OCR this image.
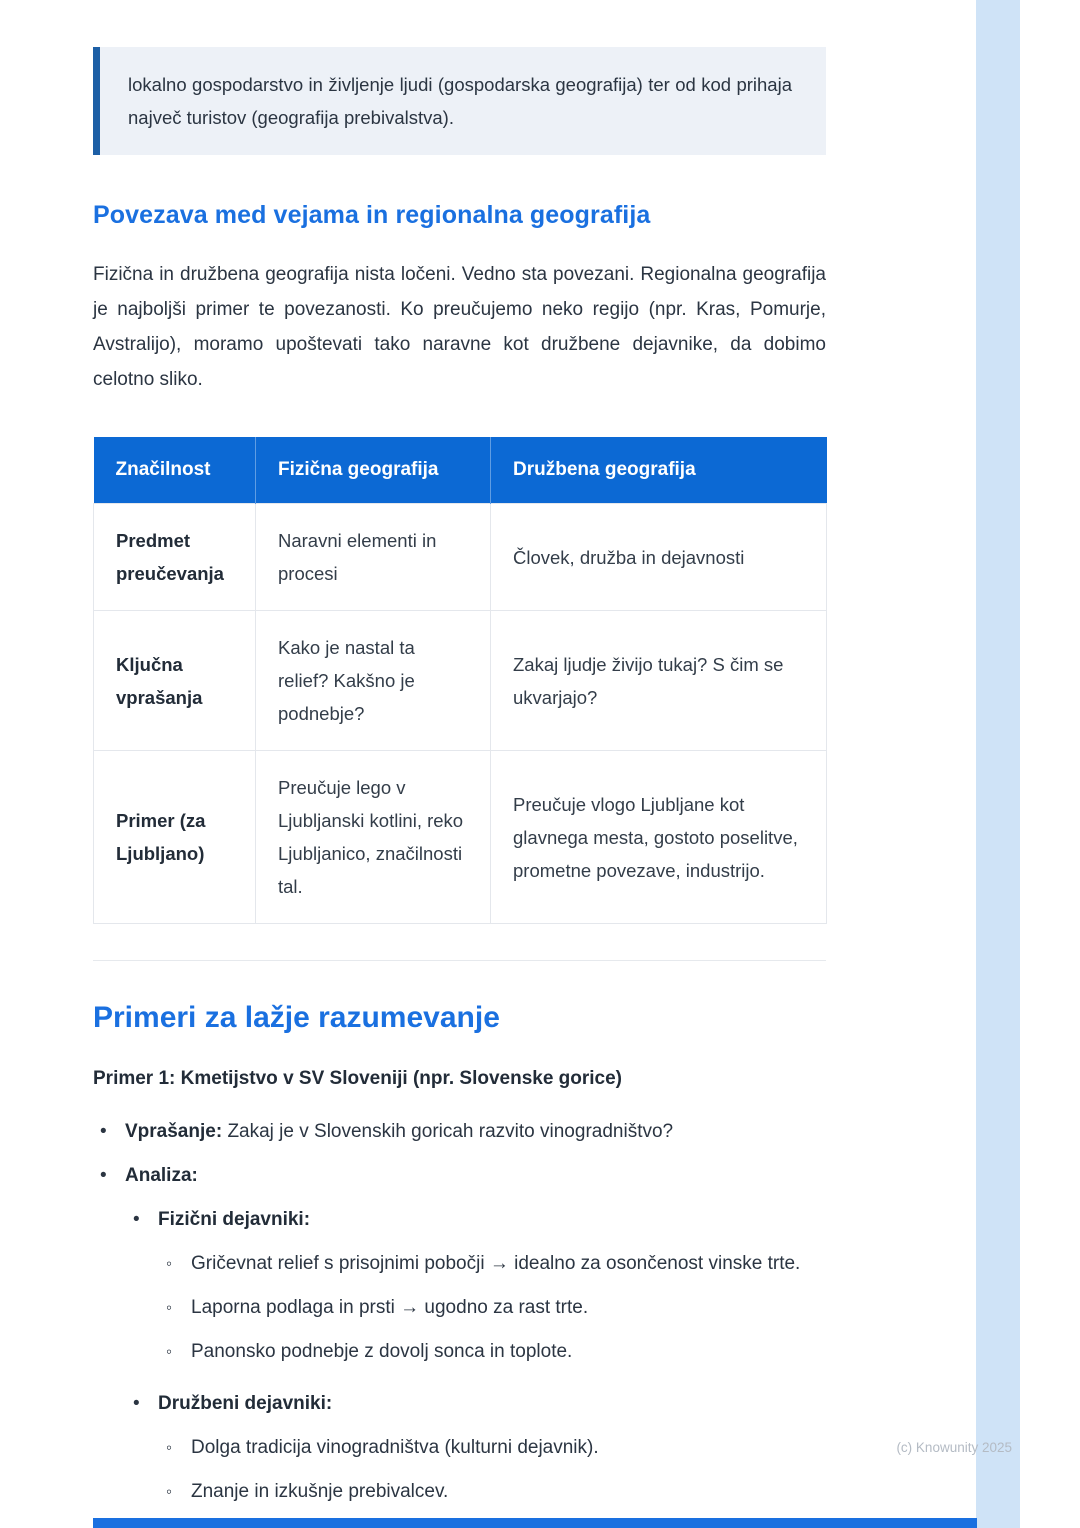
lokalno gospodarstvo in življenje ljudi (gospodarska geografija) ter od kod prihaja največ turistov (geografija prebivalstva).

Povezava med vejama in regionalna geografija

Fizična in družbena geografija nista ločeni. Vedno sta povezani. Regionalna geografija je najboljši primer te povezanosti. Ko preučujemo neko regijo (npr. Kras, Pomurje, Avstralijo), moramo upoštevati tako naravne kot družbene dejavnike, da dobimo celotno sliko.

Značilnost	Fizična geografija	Družbena geografija
Predmet preučevanja	Naravni elementi in procesi	Človek, družba in dejavnosti
Ključna vprašanja	Kako je nastal ta relief? Kakšno je podnebje?	Zakaj ljudje živijo tukaj? S čim se ukvarjajo?
Primer (za Ljubljano)	Preučuje lego v Ljubljanski kotlini, reko Ljubljanico, značilnosti tal.	Preučuje vlogo Ljubljane kot glavnega mesta, gostoto poselitve, prometne povezave, industrijo.
Primeri za lažje razumevanje

Primer 1: Kmetijstvo v SV Sloveniji (npr. Slovenske gorice)

• Vprašanje: Zakaj je v Slovenskih goricah razvito vinogradništvo?
• Analiza:
• Fizični dejavniki:
◦ Gričevnat relief s prisojnimi pobočji → idealno za osončenost vinske trte.
◦ Laporna podlaga in prsti → ugodno za rast trte.
◦ Panonsko podnebje z dovolj sonca in toplote.
• Družbeni dejavniki:
◦ Dolga tradicija vinogradništva (kulturni dejavnik).
◦ Znanje in izkušnje prebivalcev.
(c) Knowunity 2025
